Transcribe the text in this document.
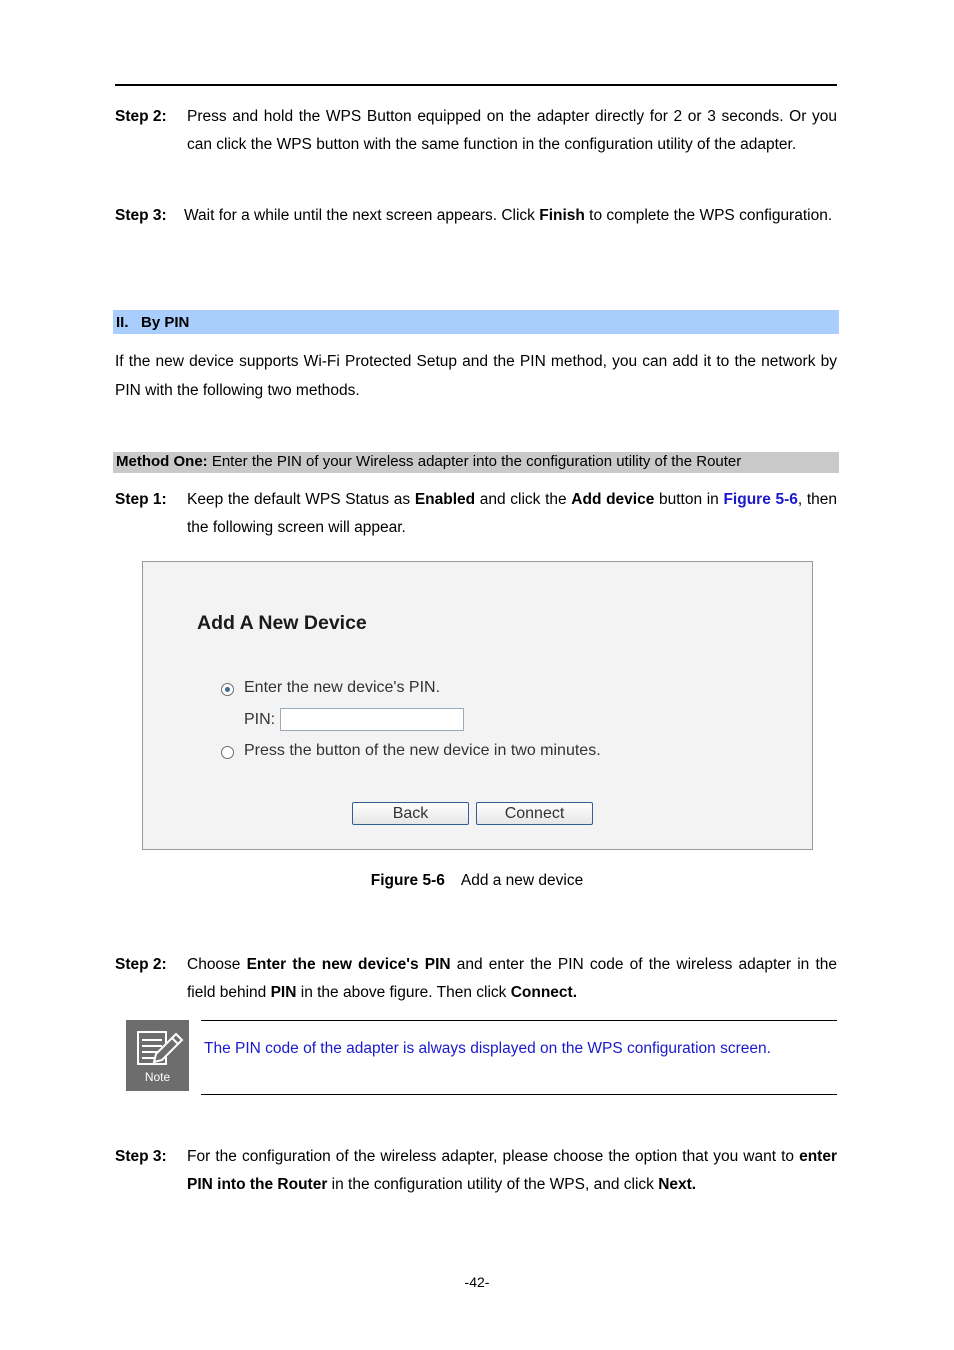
Step 2: Press and hold the WPS Button equipped on the adapter directly for 2 or 3 seconds. Or you can click the WPS button with the same function in the configuration utility of the adapter.
Step 3: Wait for a while until the next screen appears. Click Finish to complete the WPS configuration.
II.   By PIN
If the new device supports Wi-Fi Protected Setup and the PIN method, you can add it to the network by PIN with the following two methods.
Method One: Enter the PIN of your Wireless adapter into the configuration utility of the Router
Step 1: Keep the default WPS Status as Enabled and click the Add device button in Figure 5-6, then the following screen will appear.
Add A New Device
Enter the new device's PIN.
PIN:
Press the button of the new device in two minutes.
Back	Connect
Figure 5-6 Add a new device
Step 2: Choose Enter the new device's PIN and enter the PIN code of the wireless adapter in the field behind PIN in the above figure. Then click Connect.
Note
The PIN code of the adapter is always displayed on the WPS configuration screen.
Step 3: For the configuration of the wireless adapter, please choose the option that you want to enter PIN into the Router in the configuration utility of the WPS, and click Next.
-42-
